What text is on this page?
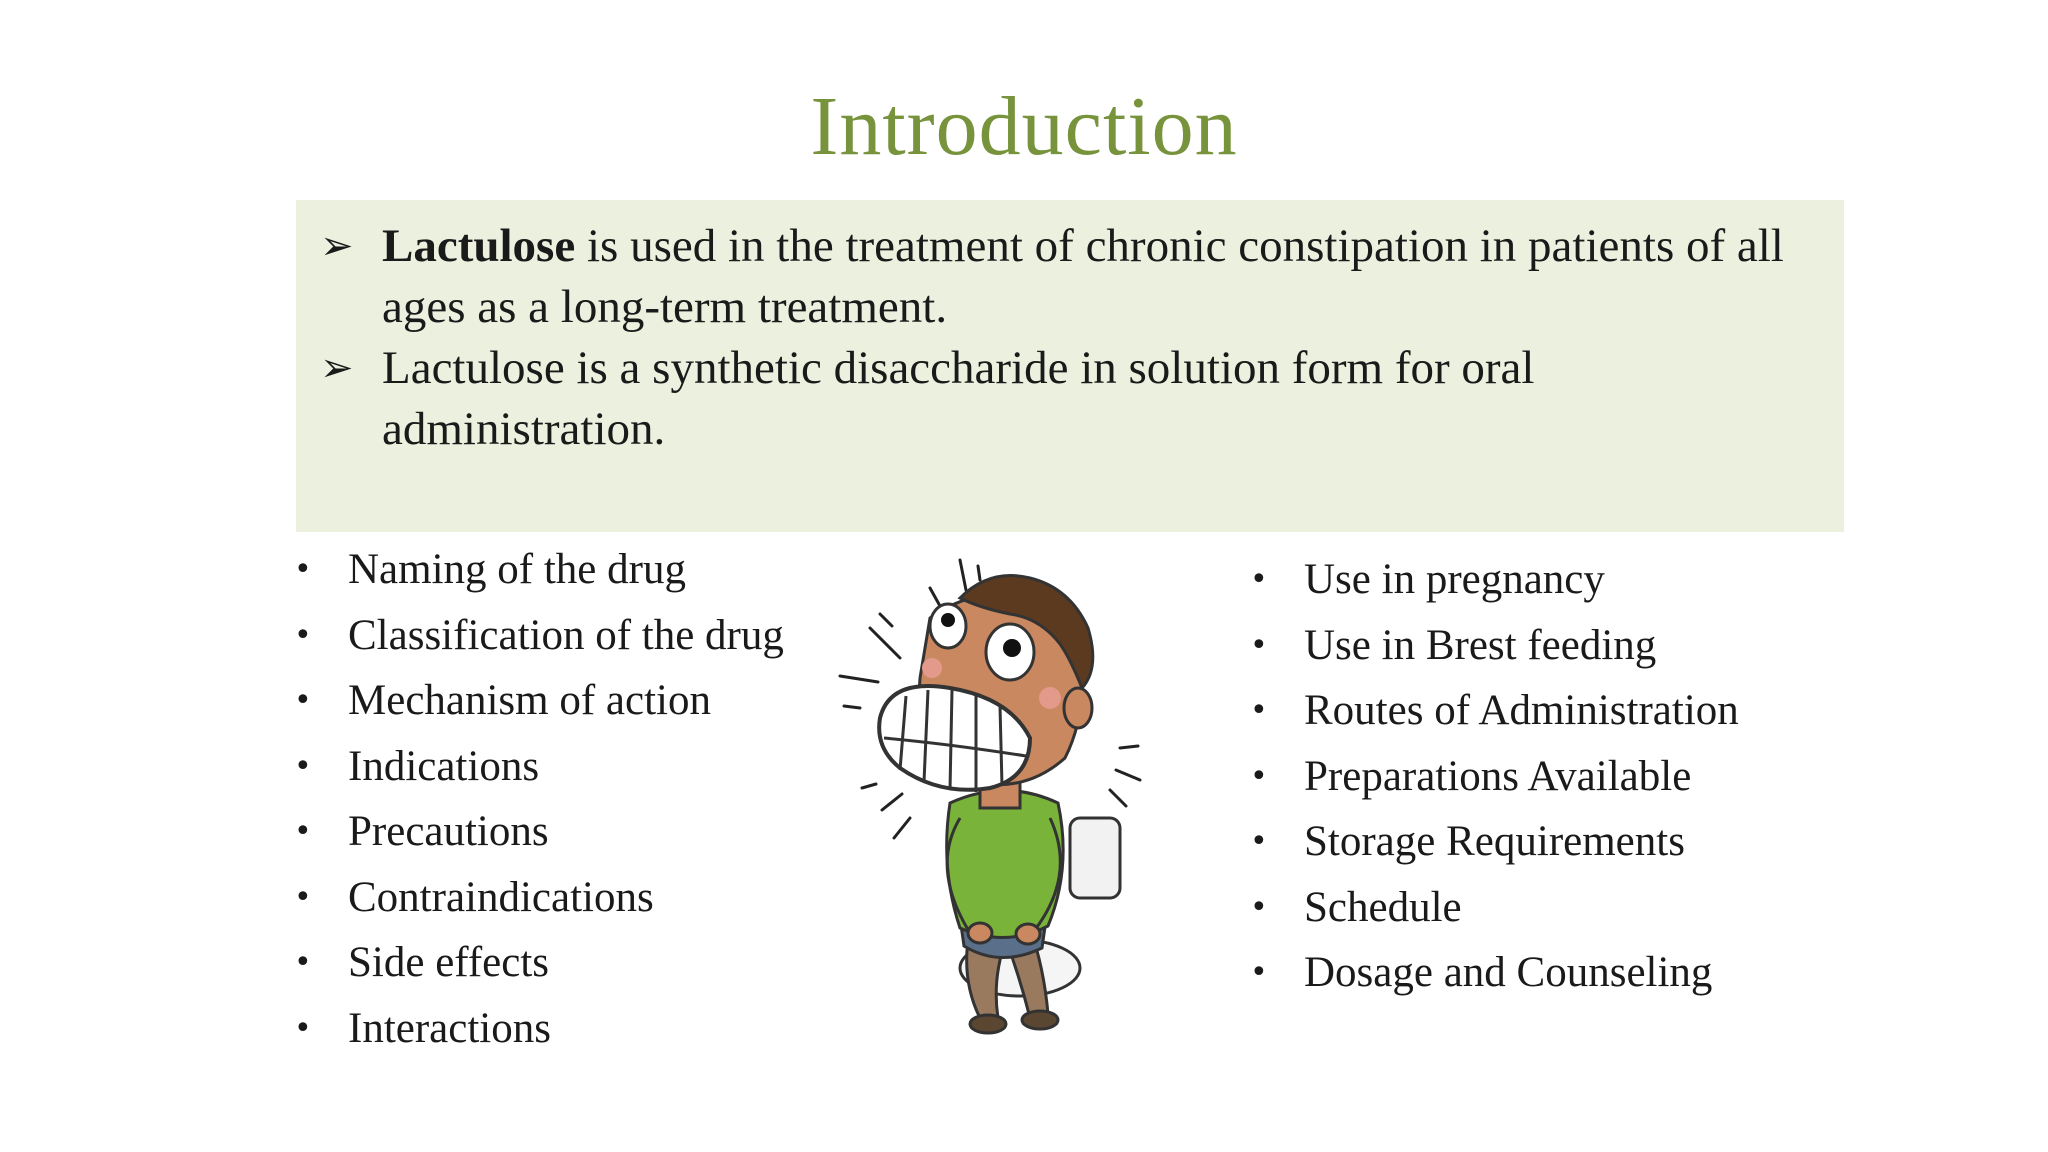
Introduction
➢ Lactulose is used in the treatment of chronic constipation in patients of all ages as a long-term treatment.
➢ Lactulose is a synthetic disaccharide in solution form for oral administration.
• Naming of the drug
• Classification of the drug
• Mechanism of action
• Indications
• Precautions
• Contraindications
• Side effects
• Interactions
• Use in pregnancy
• Use in Brest feeding
• Routes of Administration
• Preparations Available
• Storage Requirements
• Schedule
• Dosage and Counseling
